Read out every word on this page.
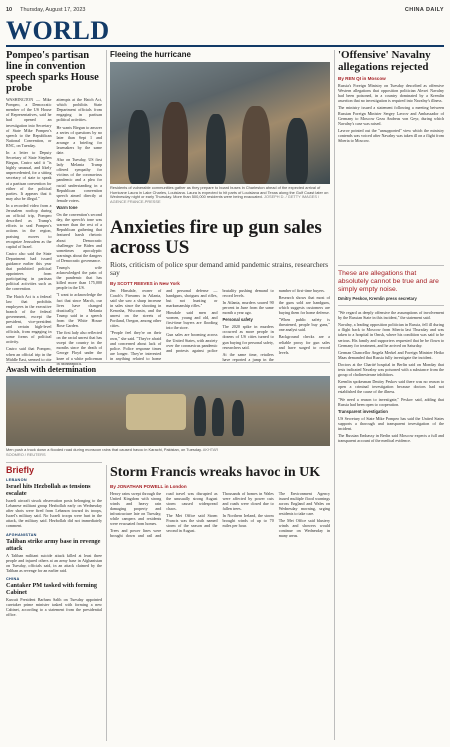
10 Thursday, August 17, 2023	CHINA DAILY
WORLD
Pompeo's partisan line in convention speech sparks House probe

WASHINGTON — Mike Pompeo, a Democratic member of the US House of Representatives, said he had opened an investigation into Secretary of State Mike Pompeo's speech to the Republican National Convention, or RNC, on Tuesday.

In a letter to Deputy Secretary of State Stephen Biegun, Castro said it "is highly unusual, and likely unprecedented, for a sitting secretary of state to speak at a partisan convention for either of the political parties. It appears that it may also be illegal."

In a recorded video from a Jerusalem rooftop during an official trip, Pompeo described as Trump's efforts to seal Pompeo's actions in the region, praising moves to recognize Jerusalem as the capital of Israel.

Castro also said the State Department had issued guidance earlier this year that prohibited political appointees from participating in partisan political activities such as the convention.

The Hatch Act is a federal law that prohibits employees in the executive branch of the federal government, except the president, vice-president and certain high-level officials, from engaging in some forms of political activity.

Castro said that Pompeo, when an official trip in the Middle East, seemed to cite attempts at the Hatch Act, which prohibits State Department officials from engaging in partisan political activities.

He wants Biegun to answer a series of questions by no later than Sept 1 and arrange a briefing for lawmakers by the same date.

Also on Tuesday, US first lady Melania Trump offered sympathy for victims of the coronavirus pandemic and a plea for racial understanding in a Republican convention speech aimed directly at female voters.

Warm tone

On the convention's second day, the speech's tone was warmer than the rest of a Republican gathering that featured harsh rhetoric about Democratic challenger Joe Biden and sometimes apocalyptic warnings about the dangers of Democratic governance.

Trump's wife acknowledged the pain of the pandemic that has killed more than 175,000 people in the US.

"I want to acknowledge the fact that since March, our lives have changed drastically," Melania Trump said in a speech from the White House Rose Garden.

The first lady also reflected on the racial unrest that has swept the country in the months since the death of George Floyd under the knee of a white policeman in Minneapolis.

Fleeing the hurricane
Residents of vulnerable communities gather as they prepare to board buses in Charleston ahead of the expected arrival of Hurricane Laura in Lake Charles, Louisiana. Laura is expected to hit parts of Louisiana and Texas along the Gulf Coast later on Wednesday night or early Thursday. More than 500,000 residents were being evacuated. JOSEPH D. / GETTY IMAGES / AGENCE FRANCE-PRESSE
Anxieties fire up gun sales across US
Riots, criticism of police spur demand amid pandemic strains, researchers say
By SCOTT REEVES in New York

Jen Hinsdale, owner of Coach's Firearms in Atlanta, said she saw a sharp increase in sales since the shooting in Kenosha, Wisconsin, and the unrest on the streets of Portland, Oregon, among other cities.

"People feel they're on their own," she said. "They're afraid and concerned about lack of police. Police response times are longer. They're interested in anything related to home and personal defense — handguns, shotguns and rifles, but not hunting or marksmanship rifles."

Hinsdale said men and women, young and old, and first-time buyers are flooding into the store.

Gun sales are booming across the United States, with anxiety over the coronavirus pandemic and protests against police brutality pushing demand to record levels.

In Atlanta, murders soared 90 percent in June from the same month a year ago.

Personal safety

The 2020 spike in murders occurred as more people in dozens of US cities turned to gun buying for personal safety, researchers said.

At the same time, retailers have reported a jump in the number of first-time buyers.

Research shows that most of the guns sold are handguns, which suggests customers are buying them for home defense.

"When public safety is threatened, people buy guns," one analyst said.

Background checks are a reliable proxy for gun sales and have surged to record levels.

Awash with determination
Men push a truck down a flooded road during monsoon rains that caused havoc in Karachi, Pakistan, on Tuesday. AKHTAR SOOMRO / REUTERS
Briefly
LEBANON
Israel hits Hezbollah as tensions escalate
Israeli aircraft struck observation posts belonging to the Lebanese militant group Hezbollah early on Wednesday after shots were fired from Lebanon toward its troops, Israel's military said. No Israeli troops were hurt in the attack, the military said. Hezbollah did not immediately comment.
AFGHANISTAN
Taliban strike army base in revenge attack
A Taliban militant suicide attack killed at least three people and injured others at an army base in Afghanistan on Tuesday, officials said, in an attack claimed by the Taliban as revenge for an earlier raid.
CHINA
Cantaker PM tasked with forming Cabinet
Kuwait President Barham Salih on Tuesday appointed caretaker prime minister tasked with forming a new Cabinet, according to a statement from the presidential office.
Storm Francis wreaks havoc in UK
By JONATHAN POWELL in London

Heavy rains swept through the United Kingdom with strong winds and heavy rain damaging property and infrastructure late on Tuesday, while campers and residents were evacuated from homes.

Trees and power lines were brought down and rail and road travel was disrupted as the unusually strong August storm caused widespread chaos.

The Met Office said Storm Francis was the sixth named storm of the season and the second in August.

Thousands of homes in Wales were affected by power cuts and roads were closed due to fallen trees.

In Northern Ireland, the storm brought winds of up to 70 miles per hour.

The Environment Agency issued multiple flood warnings across England and Wales on Wednesday morning, urging residents to take care.

The Met Office said blustery winds and showers would continue on Wednesday in many areas.

'Offensive' Navalny allegations rejected
By REN QI in Moscow

Russia's Foreign Ministry on Tuesday described as offensive Western allegations that opposition politician Alexei Navalny had been poisoned, in a country dominated by a Kremlin assertion that no investigation is required into Navalny's illness.

The ministry issued a statement following a meeting between Russian Foreign Minister Sergey Lavrov and Ambassador of Germany to Moscow Geza Andreas von Geyr, during which Navalny's case was raised.

Lavrov pointed out the "unsupported" view which the ministry contends was voiced after Navalny was taken ill on a flight from Siberia to Moscow.

These are allegations that absolutely cannot be true and are simply empty noise.
Dmitry Peskov, Kremlin press secretary

"We regard as deeply offensive the assumptions of involvement by the Russian State in this incident," the statement said.

Navalny, a leading opposition politician in Russia, fell ill during a flight back to Moscow from Siberia last Thursday and was taken to a hospital in Omsk, where his condition was said to be serious. His family and supporters requested that he be flown to Germany for treatment, and he arrived on Saturday.

German Chancellor Angela Merkel and Foreign Minister Heiko Maas demanded that Russia fully investigate the incident.

Doctors at the Charité hospital in Berlin said on Monday that tests indicated Navalny was poisoned with a substance from the group of cholinesterase inhibitors.

Kremlin spokesman Dmitry Peskov said there was no reason to open a criminal investigation because doctors had not established the cause of the illness.

"We need a reason to investigate," Peskov said, adding that Russia had been open to cooperation.

Transparent investigation

US Secretary of State Mike Pompeo has said the United States supports a thorough and transparent investigation of the incident.

The Russian Embassy in Berlin said Moscow expects a full and transparent account of the medical evidence.
